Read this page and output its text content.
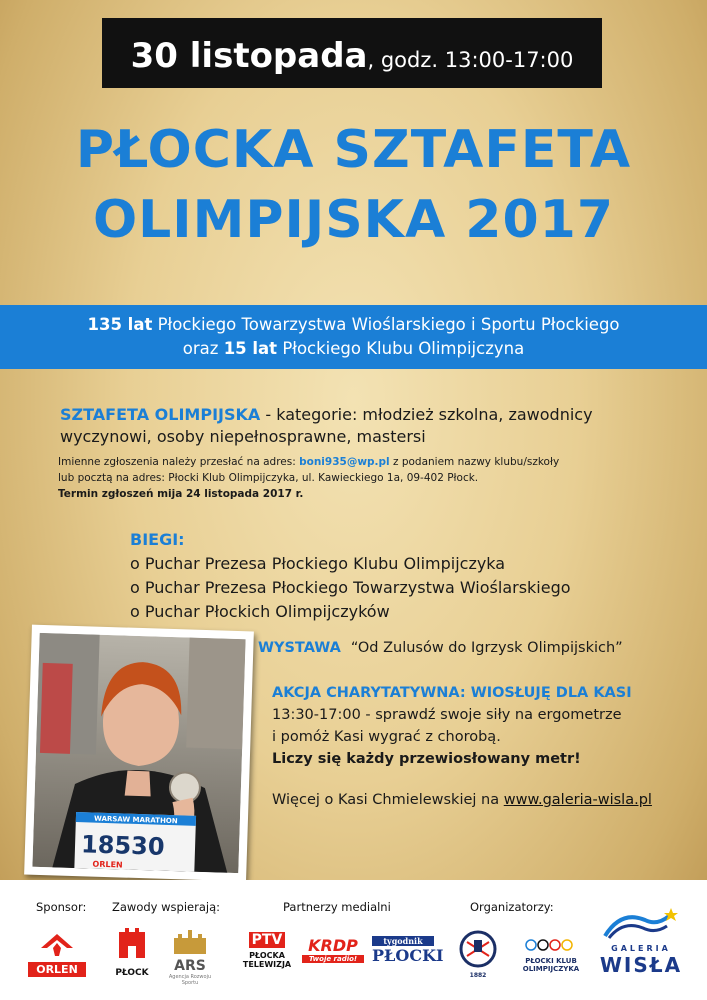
30 listopada , godz. 13:00-17:00
PŁOCKA SZTAFETA
OLIMPIJSKA 2017
135 lat Płockiego Towarzystwa Wioślarskiego i Sportu Płockiego
oraz 15 lat Płockiego Klubu Olimpijczyna
SZTAFETA OLIMPIJSKA - kategorie: młodzież szkolna, zawodnicy wyczynowi, osoby niepełnosprawne, mastersi
Imienne zgłoszenia należy przesłać na adres: boni935@wp.pl z podaniem nazwy klubu/szkoły
lub pocztą na adres: Płocki Klub Olimpijczyka, ul. Kawieckiego 1a, 09-402 Płock.
Termin zgłoszeń mija 24 listopada 2017 r.
BIEGI:
o Puchar Prezesa Płockiego Klubu Olimpijczyka
o Puchar Prezesa Płockiego Towarzystwa Wioślarskiego
o Puchar Płockich Olimpijczyków
WARSAW MARATHON
18530
ORLEN
WYSTAWA “Od Zulusów do Igrzysk Olimpijskich”
AKCJA CHARYTATYWNA: WIOSŁUJĘ DLA KASI
13:30-17:00 - sprawdź swoje siły na ergometrze
i pomóż Kasi wygrać z chorobą.
Liczy się każdy przewiosłowany metr!
Więcej o Kasi Chmielewskiej na www.galeria-wisla.pl
Sponsor: Zawody wspierają:	Partnerzy medialni	Organizatorzy:
ORLEN	PŁOCK	ARS
Agencja Rozwoju Sportu
PTV
PŁOCKA
TELEWIZJA
KRDP
Twoje radio!
tygodnik
PŁOCKI
1882
PŁOCKI KLUB
OLIMPIJCZYKA
GALERIA
WISŁA
